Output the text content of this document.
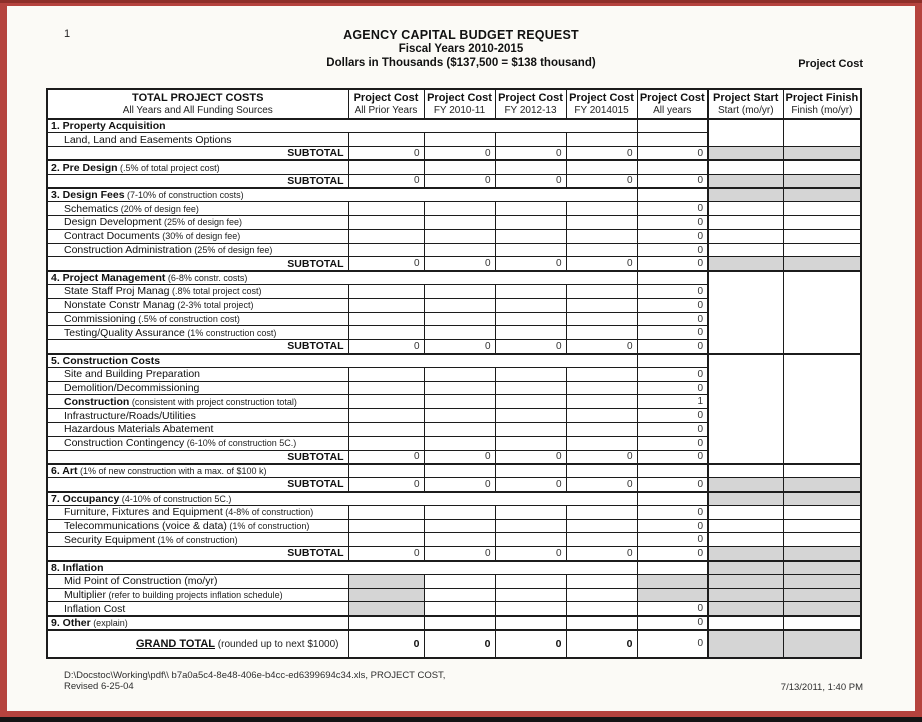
1	AGENCY CAPITAL BUDGET REQUEST
Fiscal Years 2010-2015
Dollars in Thousands ($137,500 = $138 thousand)	Project Cost
TOTAL PROJECT COSTS
All Years and All Funding Sources

Project Cost
All Prior Years

Project Cost
FY 2010-11

Project Cost
FY 2012-13

Project Cost
FY 2014015

Project Cost
All years

Project Start
Start (mo/yr)

Project Finish
Finish (mo/yr)

1. Property Acquisition							
Land, Land and Easements Options							
SUBTOTAL	0	0	0	0	0		
2. Pre Design (.5% of total project cost)							
SUBTOTAL	0	0	0	0	0		
3. Design Fees (7-10% of construction costs)							
Schematics (20% of design fee)					0		
Design Development (25% of design fee)					0		
Contract Documents (30% of design fee)					0		
Construction Administration (25% of design fee)					0		
SUBTOTAL	0	0	0	0	0		
4. Project Management (6-8% constr. costs)							
State Staff Proj Manag (.8% total project cost)					0		
Nonstate Constr Manag (2-3% total project)					0		
Commissioning (.5% of construction cost)					0		
Testing/Quality Assurance (1% construction cost)					0		
SUBTOTAL	0	0	0	0	0		
5. Construction Costs							
Site and Building Preparation					0		
Demolition/Decommissioning					0		
Construction (consistent with project construction total)					1		
Infrastructure/Roads/Utilities					0		
Hazardous Materials Abatement					0		
Construction Contingency (6-10% of construction 5C.)					0		
SUBTOTAL	0	0	0	0	0		
6. Art (1% of new construction with a max. of $100 k)							
SUBTOTAL	0	0	0	0	0		
7. Occupancy (4-10% of construction 5C.)							
Furniture, Fixtures and Equipment (4-8% of construction)					0		
Telecommunications (voice & data) (1% of construction)					0		
Security Equipment (1% of construction)					0		
SUBTOTAL	0	0	0	0	0		
8. Inflation							
Mid Point of Construction (mo/yr)							
Multiplier (refer to building projects inflation schedule)							
Inflation Cost					0		
9. Other (explain)					0		
GRAND TOTAL (rounded up to next $1000)	0	0	0	0	0		
D:\Docstoc\Working\pdf\\ b7a0a5c4-8e48-406e-b4cc-ed6399694c34.xls, PROJECT COST,
Revised 6-25-04	7/13/2011, 1:40 PM
